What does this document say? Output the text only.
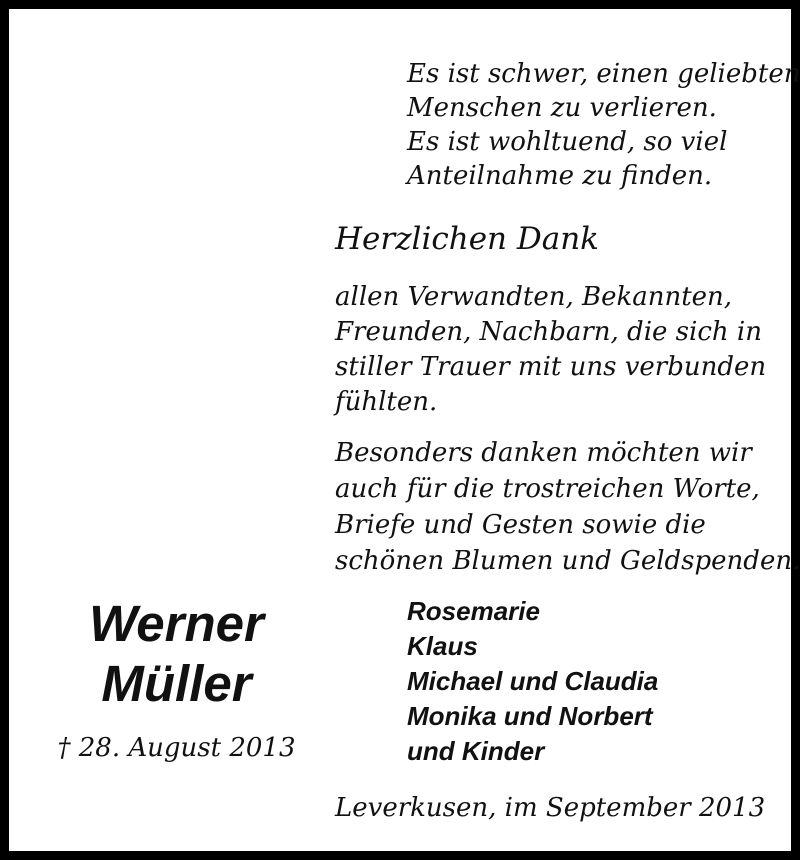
Es ist schwer, einen geliebten
Menschen zu verlieren.
Es ist wohltuend, so viel
Anteilnahme zu finden.
Herzlichen Dank
allen Verwandten, Bekannten,
Freunden, Nachbarn, die sich in
stiller Trauer mit uns verbunden
fühlten.
Besonders danken möchten wir
auch für die trostreichen Worte,
Briefe und Gesten sowie die
schönen Blumen und Geldspenden.
Werner
Müller
† 28. August 2013
Rosemarie
Klaus
Michael und Claudia
Monika und Norbert
und Kinder
Leverkusen, im September 2013
